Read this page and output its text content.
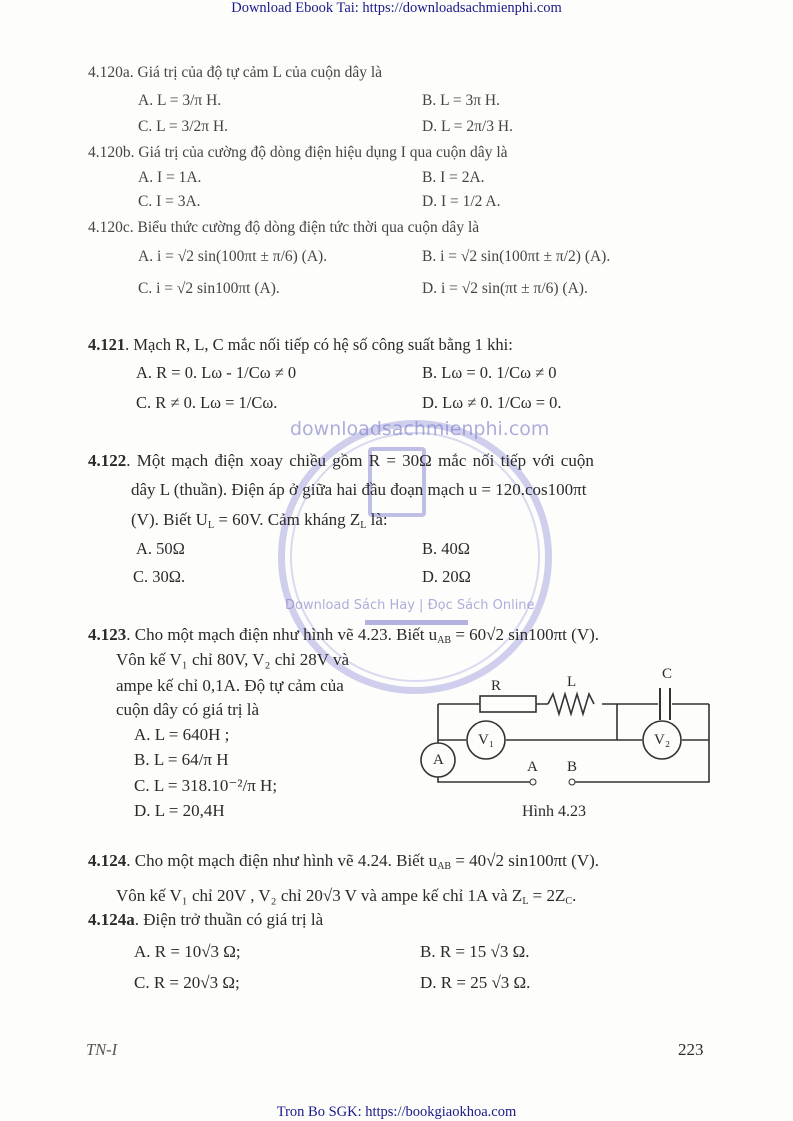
Download Ebook Tai: https://downloadsachmienphi.com
downloadsachmienphi.com
Download Sách Hay | Đọc Sách Online
4.120a. Giá trị của độ tự cảm L của cuộn dây là
A. L = 3/π H.	B. L = 3π H.
C. L = 3/2π H.	D. L = 2π/3 H.
4.120b. Giá trị của cường độ dòng điện hiệu dụng I qua cuộn dây là
A. I = 1A.	B. I = 2A.
C. I = 3A.	D. I = 1/2 A.
4.120c. Biểu thức cường độ dòng điện tức thời qua cuộn dây là
A. i = √2 sin(100πt ± π/6) (A).	B. i = √2 sin(100πt ± π/2) (A).
C. i = √2 sin100πt (A).	D. i = √2 sin(πt ± π/6) (A).
4.121. Mạch R, L, C mắc nối tiếp có hệ số công suất bằng 1 khi:
A. R = 0. Lω - 1/Cω ≠ 0	B. Lω = 0. 1/Cω ≠ 0
C. R ≠ 0. Lω = 1/Cω.	D. Lω ≠ 0. 1/Cω = 0.
4.122. Một mạch điện xoay chiều gồm R = 30Ω mắc nối tiếp với cuộn
dây L (thuần). Điện áp ở giữa hai đầu đoạn mạch u = 120.cos100πt
(V). Biết $U_L = 60V$. Cảm kháng $Z_L$ là:
A. 50Ω	B. 40Ω
C. 30Ω.	D. 20Ω
4.123. Cho một mạch điện như hình vẽ 4.23. Biết $u_{AB} = 60√2$ sin100πt (V).
Vôn kế V₁ chỉ 80V, V₂ chỉ 28V và
ampe kế chỉ 0,1A. Độ tự cảm của
cuộn dây có giá trị là
A. L = 640H ;
B. L = 64/π H
C. L = 318.10⁻²/π H;
D. L = 20,4H
R	L	C
V₁	V₂
A	A B
Hình 4.23
4.124. Cho một mạch điện như hình vẽ 4.24. Biết $u_{AB} = 40√2$ sin100πt (V).
Vôn kế V₁ chỉ 20V , V₂ chỉ 20√3 V và ampe kế chỉ 1A và $Z_L = 2Z_C$.
4.124a. Điện trở thuần có giá trị là
A. R = 10√3 Ω;	B. R = 15 √3 Ω.
C. R = 20√3 Ω;	D. R = 25 √3 Ω.
TN-I	223
Tron Bo SGK: https://bookgiaokhoa.com
